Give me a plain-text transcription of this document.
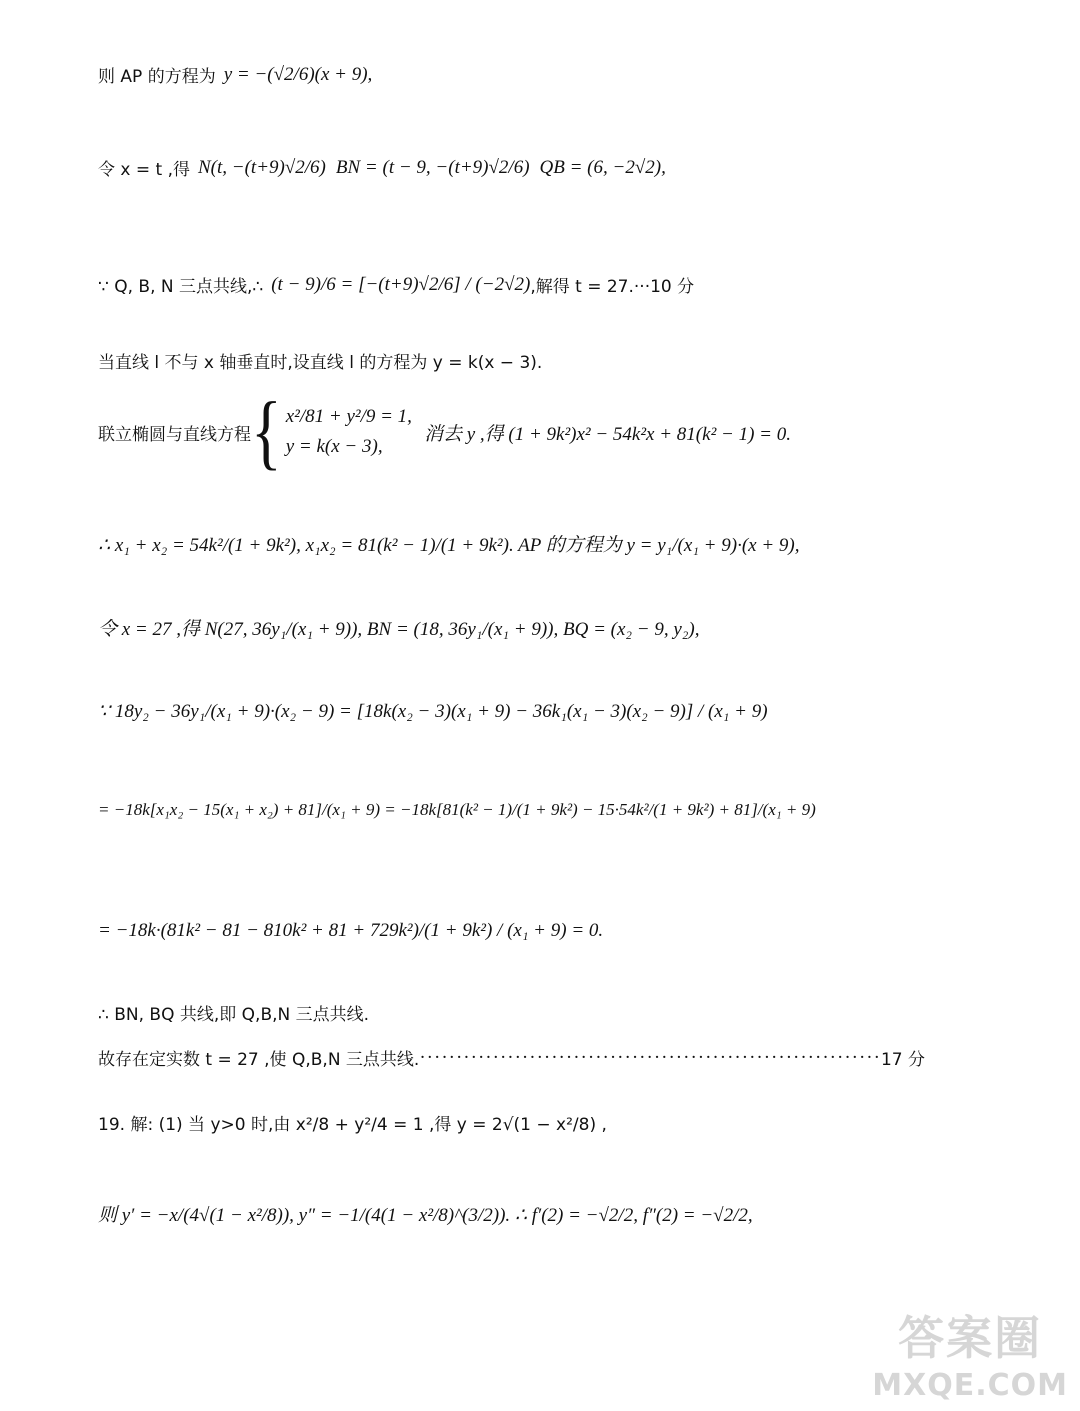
则 AP 的方程为 y = −(√2/6)(x + 9),
令 x = t ,得 N(t, −(t+9)√2/6) BN = (t − 9, −(t+9)√2/6) QB = (6, −2√2),
∵ Q, B, N 三点共线,∴ (t − 9)/6 = [−(t+9)√2/6] / (−2√2) ,解得 t = 27.···10 分
当直线 l 不与 x 轴垂直时,设直线 l 的方程为 y = k(x − 3).
联立椭圆与直线方程 { x²/81 + y²/9 = 1,
y = k(x − 3),
消去 y ,得 (1 + 9k²)x² − 54k²x + 81(k² − 1) = 0.
∴ x₁ + x₂ = 54k²/(1 + 9k²), x₁x₂ = 81(k² − 1)/(1 + 9k²). AP 的方程为 y = y₁/(x₁ + 9)·(x + 9),
令 x = 27 ,得 N(27, 36y₁/(x₁ + 9)), BN = (18, 36y₁/(x₁ + 9)), BQ = (x₂ − 9, y₂),
∵ 18y₂ − 36y₁/(x₁ + 9)·(x₂ − 9) = [18k(x₂ − 3)(x₁ + 9) − 36k₁(x₁ − 3)(x₂ − 9)] / (x₁ + 9)
= −18k[x₁x₂ − 15(x₁ + x₂) + 81]/(x₁ + 9) = −18k[81(k² − 1)/(1 + 9k²) − 15·54k²/(1 + 9k²) + 81]/(x₁ + 9)
= −18k·(81k² − 81 − 810k² + 81 + 729k²)/(1 + 9k²) / (x₁ + 9) = 0.
∴ BN, BQ 共线,即 Q,B,N 三点共线.
故存在定实数 t = 27 ,使 Q,B,N 三点共线. ······························································· 17 分
19. 解: (1) 当 y>0 时,由 x²/8 + y²/4 = 1 ,得 y = 2√(1 − x²/8) ,
则 y′ = −x/(4√(1 − x²/8)), y″ = −1/(4(1 − x²/8)^(3/2)). ∴ f′(2) = −√2/2, f″(2) = −√2/2,
答案圈
MXQE.COM
